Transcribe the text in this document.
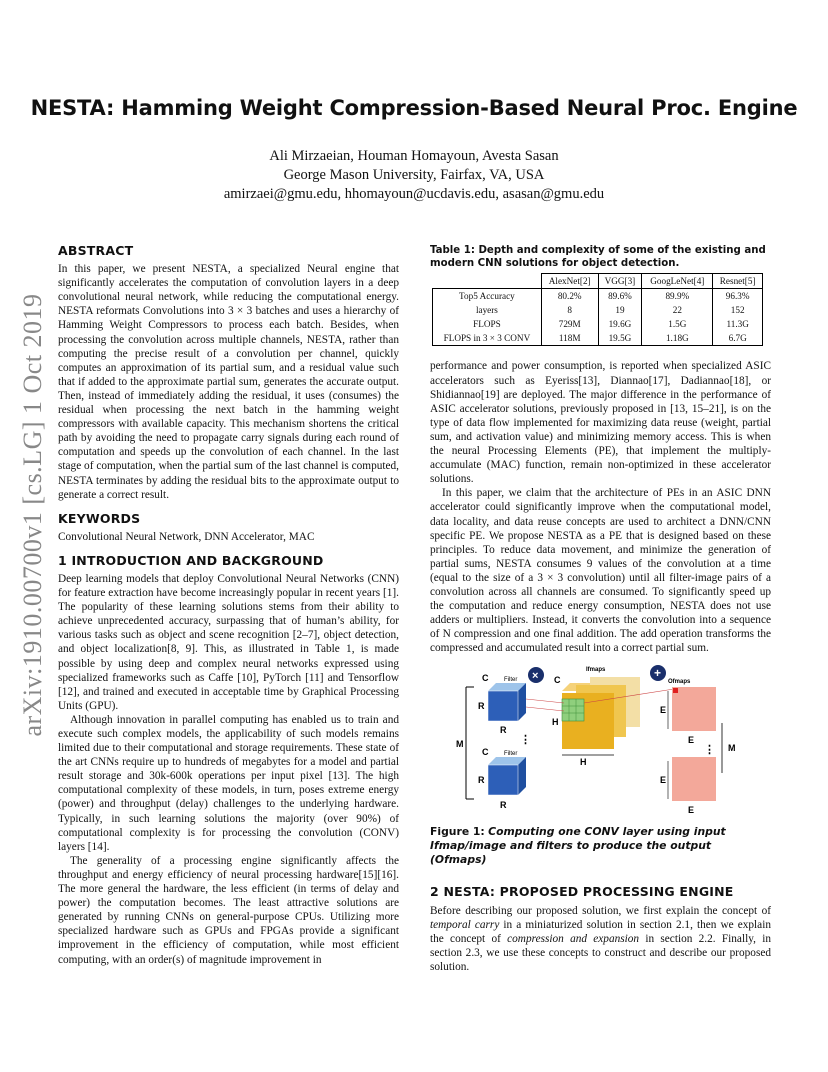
NESTA: Hamming Weight Compression-Based Neural Proc. Engine
Ali Mirzaeian, Houman Homayoun, Avesta Sasan
George Mason University, Fairfax, VA, USA
amirzaei@gmu.edu, hhomayoun@ucdavis.edu, asasan@gmu.edu
arXiv:1910.00700v1 [cs.LG] 1 Oct 2019
ABSTRACT

In this paper, we present NESTA, a specialized Neural engine that significantly accelerates the computation of convolution layers in a deep convolutional neural network, while reducing the computational energy. NESTA reformats Convolutions into 3 × 3 batches and uses a hierarchy of Hamming Weight Compressors to process each batch. Besides, when processing the convolution across multiple channels, NESTA, rather than computing the precise result of a convolution per channel, quickly computes an approximation of its partial sum, and a residual value such that if added to the approximate partial sum, generates the accurate output. Then, instead of immediately adding the residual, it uses (consumes) the residual when processing the next batch in the hamming weight compressors with available capacity. This mechanism shortens the critical path by avoiding the need to propagate carry signals during each round of computation and speeds up the convolution of each channel. In the last stage of computation, when the partial sum of the last channel is computed, NESTA terminates by adding the residual bits to the approximate output to generate a correct result.

KEYWORDS

Convolutional Neural Network, DNN Accelerator, MAC

1 INTRODUCTION AND BACKGROUND

Deep learning models that deploy Convolutional Neural Networks (CNN) for feature extraction have become increasingly popular in recent years [1]. The popularity of these learning solutions stems from their ability to achieve unprecedented accuracy, surpassing that of human’s ability, for various tasks such as object and scene recognition [2–7], object detection, and object localization[8, 9]. This, as illustrated in Table 1, is made possible by using deep and complex neural networks expressed using specialized frameworks such as Caffe [10], PyTorch [11] and Tensorflow [12], and trained and executed in acceptable time by Graphical Processing Units (GPU).

Although innovation in parallel computing has enabled us to train and execute such complex models, the applicability of such models remains limited due to their computational and storage requirements. These state of the art CNNs require up to hundreds of megabytes for a model and partial result storage and 30k-600k operations per input pixel [13]. The high computational complexity of these models, in turn, poses extreme energy (power) and throughput (delay) challenges to the underlying hardware. Typically, in such learning solutions the majority (over 90%) of computational complexity is for processing the convolution (CONV) layers [14].

The generality of a processing engine significantly affects the throughput and energy efficiency of neural processing hardware[15][16]. The more general the hardware, the less efficient (in terms of delay and power) the computation becomes. The least attractive solutions are generated by running CNNs on general-purpose CPUs. Utilizing more specialized hardware such as GPUs and FPGAs provide a significant improvement in the efficiency of computation, while most efficient computing, with an order(s) of magnitude improvement in

Table 1: Depth and complexity of some of the existing and modern CNN solutions for object detection.
	AlexNet[2]	VGG[3]	GoogLeNet[4]	Resnet[5]
Top5 Accuracy	80.2%	89.6%	89.9%	96.3%
layers	8	19	22	152
FLOPS	729M	19.6G	1.5G	11.3G
FLOPS in 3 × 3 CONV	118M	19.5G	1.18G	6.7G

performance and power consumption, is reported when specialized ASIC accelerators such as Eyeriss[13], Diannao[17], Dadiannao[18], or Shidiannao[19] are deployed. The major difference in the performance of ASIC accelerator solutions, previously proposed in [13, 15–21], is on the type of data flow implemented for maximizing data reuse (weight, partial sum, and activation value) and minimizing memory access. This is when the neural Processing Elements (PE), that implement the multiply-accumulate (MAC) function, remain non-optimized in these accelerator solutions.

In this paper, we claim that the architecture of PEs in an ASIC DNN accelerator could significantly improve when the computational model, data locality, and data reuse concepts are used to architect a DNN/CNN specific PE. We propose NESTA as a PE that is designed based on these principles. To reduce data movement, and minimize the generation of partial sums, NESTA consumes 9 values of the convolution at a time (equal to the size of a 3 × 3 convolution) until all filter-image pairs of a convolution across all channels are consumed. To significantly speed up the computation and reduce energy consumption, NESTA does not use adders or multipliers. Instead, it converts the convolution into a sequence of N compression and one final addition. The add operation transforms the compressed and accumulated result into a correct partial sum.

M
Filter
C
R
R
Filter
C
R
R
×
⋮
Ifmaps
C
H
H
+
Ofmaps
E
E
E
E
⋮ M
Figure 1: Computing one CONV layer using input Ifmap/image and filters to produce the output (Ofmaps)
2 NESTA: PROPOSED PROCESSING ENGINE

Before describing our proposed solution, we first explain the concept of temporal carry in a miniaturized solution in section 2.1, then we explain the concept of compression and expansion in section 2.2. Finally, in section 2.3, we use these concepts to construct and describe our proposed solution.
